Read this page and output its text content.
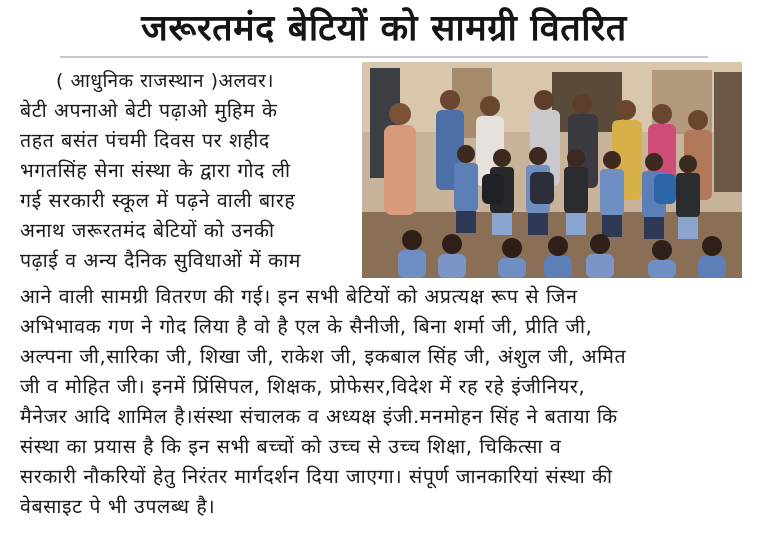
जरूरतमंद बेटियों को सामग्री वितरित
( आधुनिक राजस्थान )अलवर।
बेटी अपनाओ बेटी पढ़ाओ मुहिम के
तहत बसंत पंचमी दिवस पर शहीद
भगतसिंह सेना संस्था के द्वारा गोद ली
गई सरकारी स्कूल में पढ़ने वाली बारह
अनाथ जरूरतमंद बेटियों को उनकी
पढ़ाई व अन्य दैनिक सुविधाओं में काम
आने वाली सामग्री वितरण की गई। इन सभी बेटियों को अप्रत्यक्ष रूप से जिन
अभिभावक गण ने गोद लिया है वो है एल के सैनीजी, बिना शर्मा जी, प्रीति जी,
अल्पना जी,सारिका जी, शिखा जी, राकेश जी, इकबाल सिंह जी, अंशुल जी, अमित
जी व मोहित जी। इनमें प्रिंसिपल, शिक्षक, प्रोफेसर,विदेश में रह रहे इंजीनियर,
मैनेजर आदि शामिल है।संस्था संचालक व अध्यक्ष इंजी.मनमोहन सिंह ने बताया कि
संस्था का प्रयास है कि इन सभी बच्चों को उच्च से उच्च शिक्षा, चिकित्सा व
सरकारी नौकरियों हेतु निरंतर मार्गदर्शन दिया जाएगा। संपूर्ण जानकारियां संस्था की
वेबसाइट पे भी उपलब्ध है।
